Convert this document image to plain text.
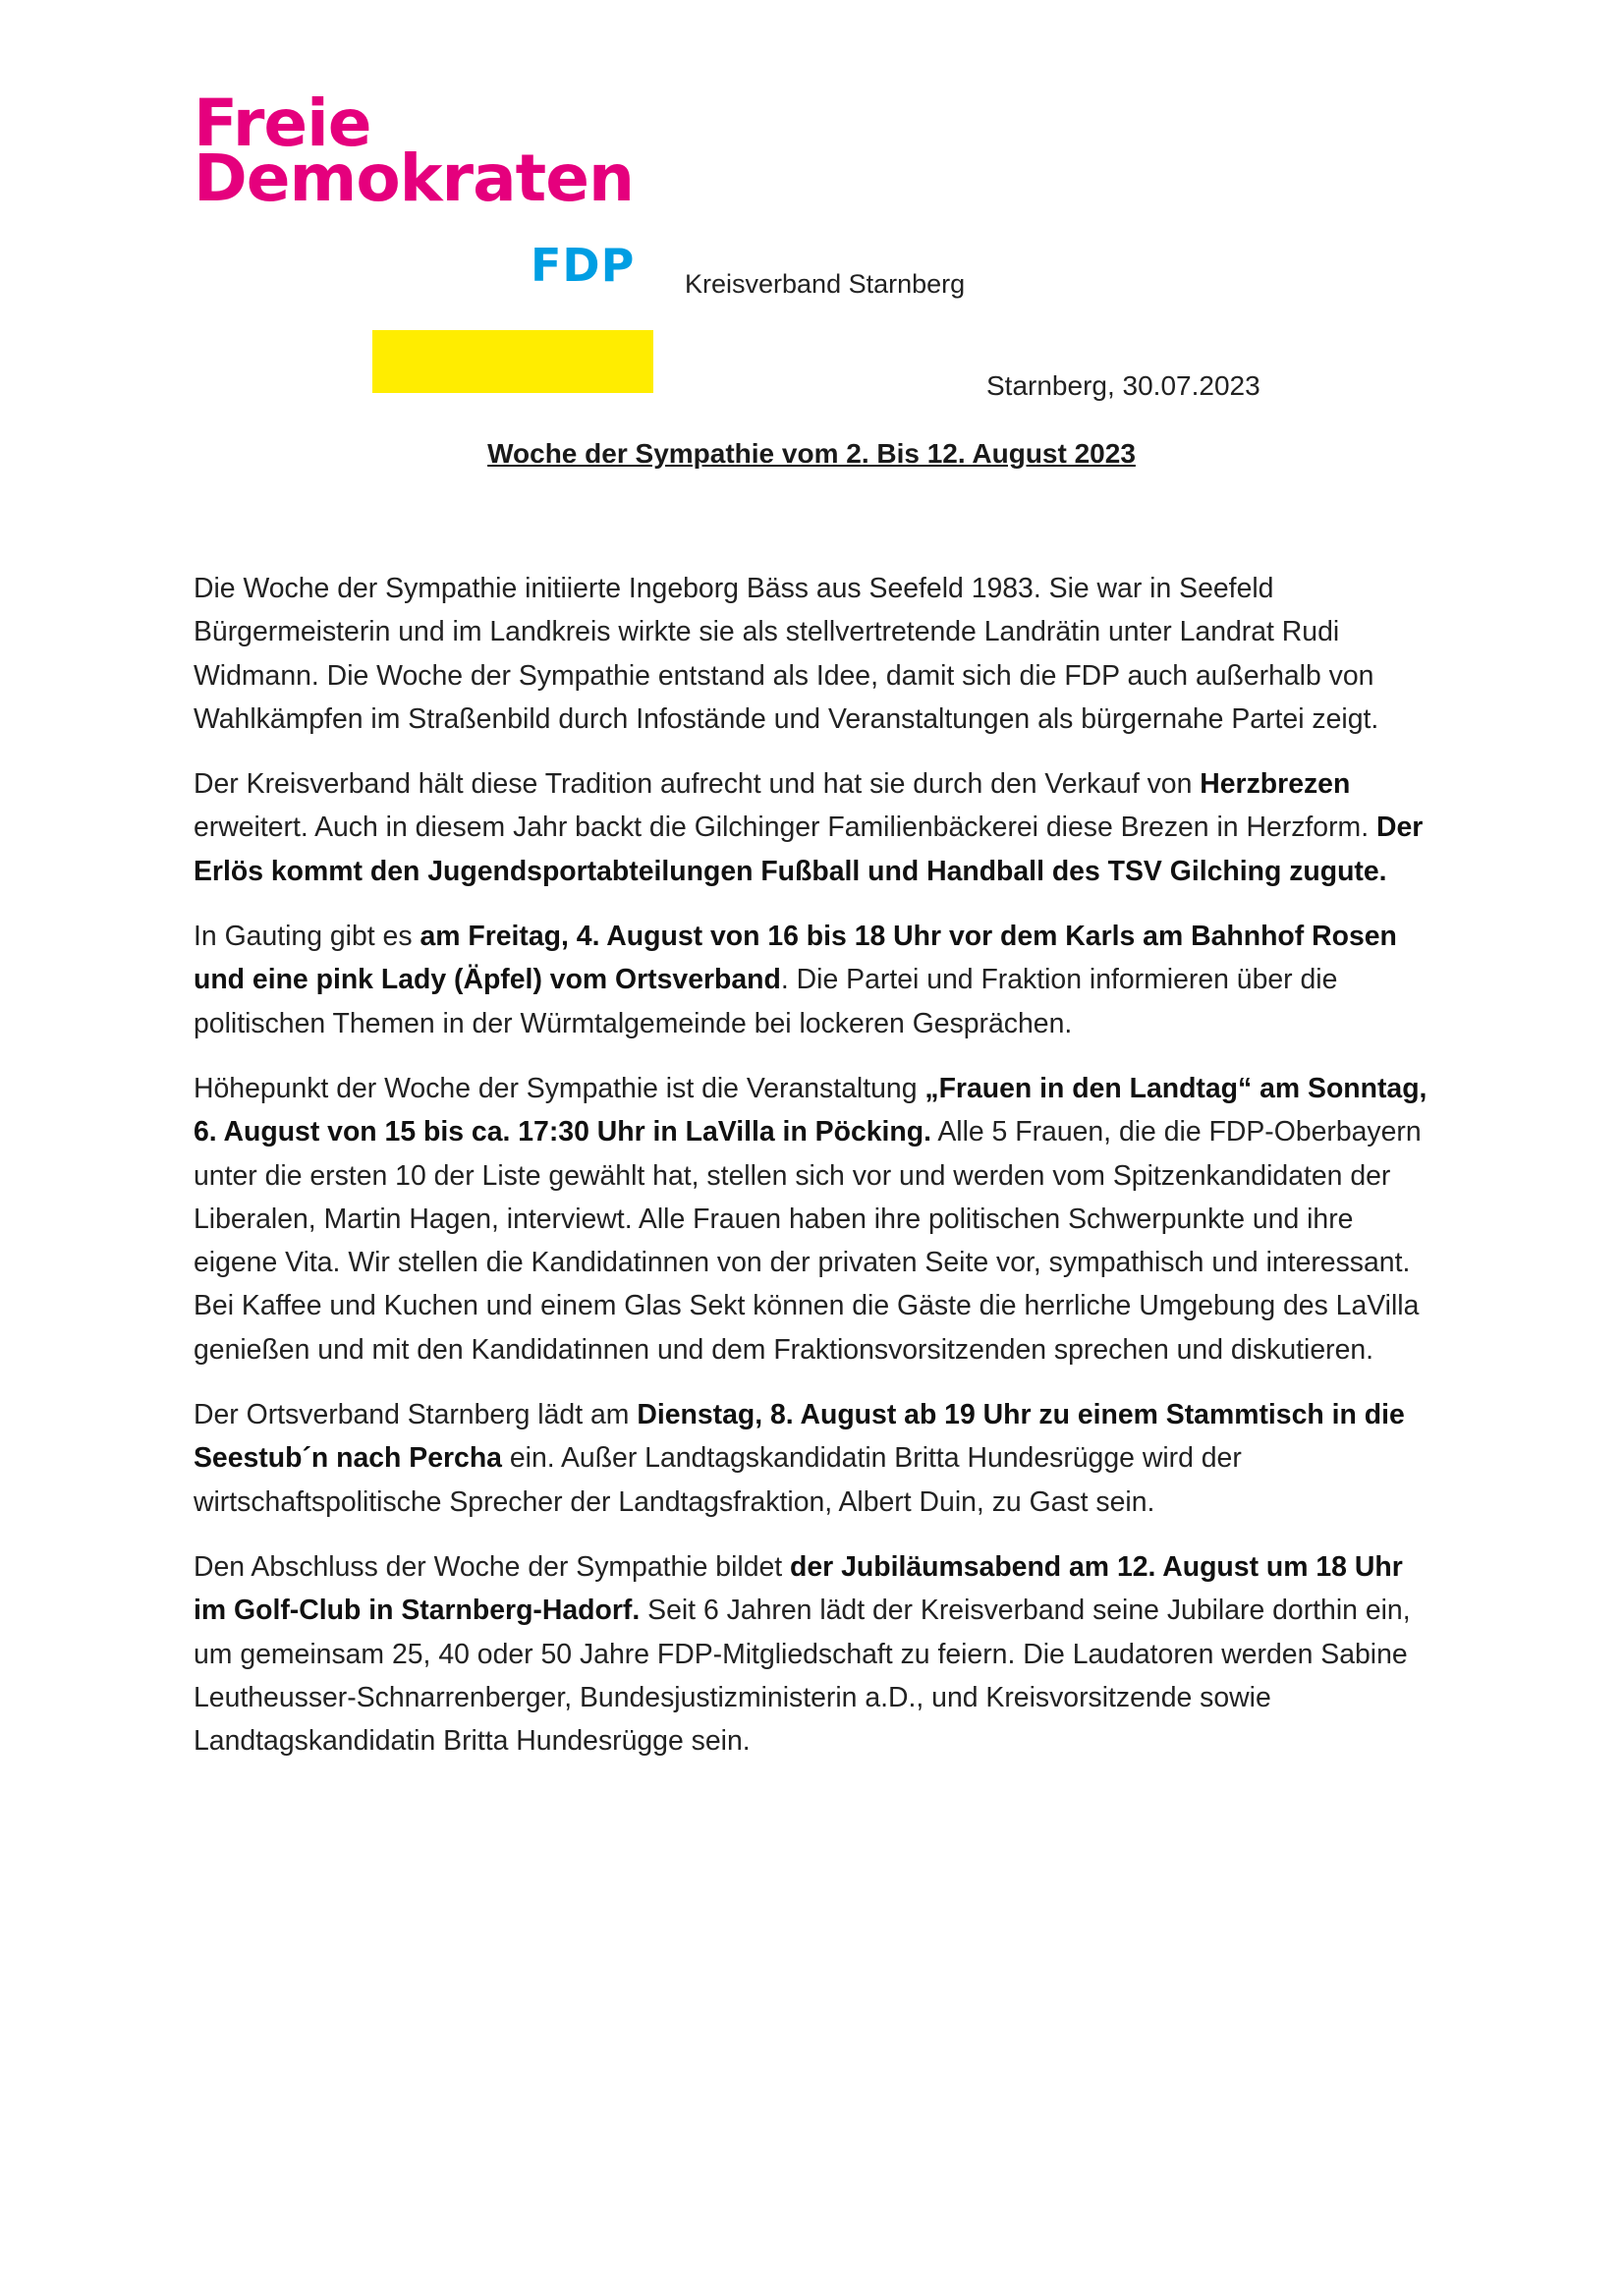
Freie
Demokraten
FDP Kreisverband Starnberg
Starnberg, 30.07.2023
Woche der Sympathie vom 2. Bis 12. August 2023

Die Woche der Sympathie initiierte Ingeborg Bäss aus Seefeld 1983. Sie war in Seefeld Bürgermeisterin und im Landkreis wirkte sie als stellvertretende Landrätin unter Landrat Rudi Widmann. Die Woche der Sympathie entstand als Idee, damit sich die FDP auch außerhalb von Wahlkämpfen im Straßenbild durch Infostände und Veranstaltungen als bürgernahe Partei zeigt.

Der Kreisverband hält diese Tradition aufrecht und hat sie durch den Verkauf von Herzbrezen erweitert. Auch in diesem Jahr backt die Gilchinger Familienbäckerei diese Brezen in Herzform. Der Erlös kommt den Jugendsportabteilungen Fußball und Handball des TSV Gilching zugute.

In Gauting gibt es am Freitag, 4. August von 16 bis 18 Uhr vor dem Karls am Bahnhof Rosen und eine pink Lady (Äpfel) vom Ortsverband. Die Partei und Fraktion informieren über die politischen Themen in der Würmtalgemeinde bei lockeren Gesprächen.

Höhepunkt der Woche der Sympathie ist die Veranstaltung „Frauen in den Landtag“ am Sonntag, 6. August von 15 bis ca. 17:30 Uhr in LaVilla in Pöcking. Alle 5 Frauen, die die FDP-Oberbayern unter die ersten 10 der Liste gewählt hat, stellen sich vor und werden vom Spitzenkandidaten der Liberalen, Martin Hagen, interviewt. Alle Frauen haben ihre politischen Schwerpunkte und ihre eigene Vita. Wir stellen die Kandidatinnen von der privaten Seite vor, sympathisch und interessant. Bei Kaffee und Kuchen und einem Glas Sekt können die Gäste die herrliche Umgebung des LaVilla genießen und mit den Kandidatinnen und dem Fraktionsvorsitzenden sprechen und diskutieren.

Der Ortsverband Starnberg lädt am Dienstag, 8. August ab 19 Uhr zu einem Stammtisch in die Seestub´n nach Percha ein. Außer Landtagskandidatin Britta Hundesrügge wird der wirtschaftspolitische Sprecher der Landtagsfraktion, Albert Duin, zu Gast sein.

Den Abschluss der Woche der Sympathie bildet der Jubiläumsabend am 12. August um 18 Uhr im Golf-Club in Starnberg-Hadorf. Seit 6 Jahren lädt der Kreisverband seine Jubilare dorthin ein, um gemeinsam 25, 40 oder 50 Jahre FDP-Mitgliedschaft zu feiern. Die Laudatoren werden Sabine Leutheusser-Schnarrenberger, Bundesjustizministerin a.D., und Kreisvorsitzende sowie Landtagskandidatin Britta Hundesrügge sein.
